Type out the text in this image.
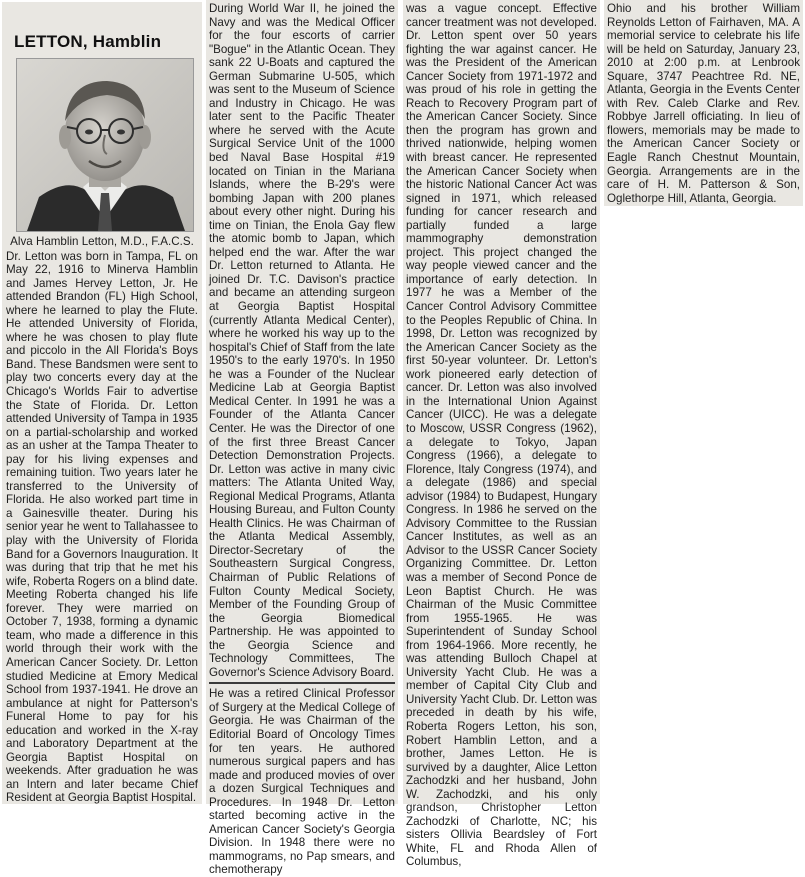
LETTON, Hamblin
Alva Hamblin Letton, M.D., F.A.C.S.

Dr. Letton was born in Tampa, FL on May 22, 1916 to Minerva Hamblin and James Hervey Letton, Jr. He attended Brandon (FL) High School, where he learned to play the Flute. He attended University of Florida, where he was chosen to play flute and piccolo in the All Florida's Boys Band. These Bandsmen were sent to play two concerts every day at the Chicago's Worlds Fair to advertise the State of Florida. Dr. Letton attended University of Tampa in 1935 on a partial-scholarship and worked as an usher at the Tampa Theater to pay for his living expenses and remaining tuition. Two years later he transferred to the University of Florida. He also worked part time in a Gainesville theater. During his senior year he went to Tallahassee to play with the University of Florida Band for a Governors Inauguration. It was during that trip that he met his wife, Roberta Rogers on a blind date. Meeting Roberta changed his life forever. They were married on October 7, 1938, forming a dynamic team, who made a difference in this world through their work with the American Cancer Society. Dr. Letton studied Medicine at Emory Medical School from 1937-1941. He drove an ambulance at night for Patterson's Funeral Home to pay for his education and worked in the X-ray and Laboratory Department at the Georgia Baptist Hospital on weekends. After graduation he was an Intern and later became Chief Resident at Georgia Baptist Hospital.

During World War II, he joined the Navy and was the Medical Officer for the four escorts of carrier "Bogue" in the Atlantic Ocean. They sank 22 U-Boats and captured the German Submarine U-505, which was sent to the Museum of Science and Industry in Chicago. He was later sent to the Pacific Theater where he served with the Acute Surgical Service Unit of the 1000 bed Naval Base Hospital #19 located on Tinian in the Mariana Islands, where the B-29's were bombing Japan with 200 planes about every other night. During his time on Tinian, the Enola Gay flew the atomic bomb to Japan, which helped end the war. After the war Dr. Letton returned to Atlanta. He joined Dr. T.C. Davison's practice and became an attending surgeon at Georgia Baptist Hospital (currently Atlanta Medical Center), where he worked his way up to the hospital's Chief of Staff from the late 1950's to the early 1970's. In 1950 he was a Founder of the Nuclear Medicine Lab at Georgia Baptist Medical Center. In 1991 he was a Founder of the Atlanta Cancer Center. He was the Director of one of the first three Breast Cancer Detection Demonstration Projects. Dr. Letton was active in many civic matters: The Atlanta United Way, Regional Medical Programs, Atlanta Housing Bureau, and Fulton County Health Clinics. He was Chairman of the Atlanta Medical Assembly, Director-Secretary of the Southeastern Surgical Congress, Chairman of Public Relations of Fulton County Medical Society, Member of the Founding Group of the Georgia Biomedical Partnership. He was appointed to the Georgia Science and Technology Committees, The Governor's Science Advisory Board.

He was a retired Clinical Professor of Surgery at the Medical College of Georgia. He was Chairman of the Editorial Board of Oncology Times for ten years. He authored numerous surgical papers and has made and produced movies of over a dozen Surgical Techniques and Procedures. In 1948 Dr. Letton started becoming active in the American Cancer Society's Georgia Division. In 1948 there were no mammograms, no Pap smears, and chemotherapy

was a vague concept. Effective cancer treatment was not developed. Dr. Letton spent over 50 years fighting the war against cancer. He was the President of the American Cancer Society from 1971-1972 and was proud of his role in getting the Reach to Recovery Program part of the American Cancer Society. Since then the program has grown and thrived nationwide, helping women with breast cancer. He represented the American Cancer Society when the historic National Cancer Act was signed in 1971, which released funding for cancer research and partially funded a large mammography demonstration project. This project changed the way people viewed cancer and the importance of early detection. In 1977 he was a Member of the Cancer Control Advisory Committee to the Peoples Republic of China. In 1998, Dr. Letton was recognized by the American Cancer Society as the first 50-year volunteer. Dr. Letton's work pioneered early detection of cancer. Dr. Letton was also involved in the International Union Against Cancer (UICC). He was a delegate to Moscow, USSR Congress (1962), a delegate to Tokyo, Japan Congress (1966), a delegate to Florence, Italy Congress (1974), and a delegate (1986) and special advisor (1984) to Budapest, Hungary Congress. In 1986 he served on the Advisory Committee to the Russian Cancer Institutes, as well as an Advisor to the USSR Cancer Society Organizing Committee. Dr. Letton was a member of Second Ponce de Leon Baptist Church. He was Chairman of the Music Committee from 1955-1965. He was Superintendent of Sunday School from 1964-1966. More recently, he was attending Bulloch Chapel at University Yacht Club. He was a member of Capital City Club and University Yacht Club. Dr. Letton was preceded in death by his wife, Roberta Rogers Letton, his son, Robert Hamblin Letton, and a brother, James Letton. He is survived by a daughter, Alice Letton Zachodzki and her husband, John W. Zachodzki, and his only grandson, Christopher Letton Zachodzki of Charlotte, NC; his sisters Ollivia Beardsley of Fort White, FL and Rhoda Allen of Columbus,

Ohio and his brother William Reynolds Letton of Fairhaven, MA. A memorial service to celebrate his life will be held on Saturday, January 23, 2010 at 2:00 p.m. at Lenbrook Square, 3747 Peachtree Rd. NE, Atlanta, Georgia in the Events Center with Rev. Caleb Clarke and Rev. Robbye Jarrell officiating. In lieu of flowers, memorials may be made to the American Cancer Society or Eagle Ranch Chestnut Mountain, Georgia. Arrangements are in the care of H. M. Patterson & Son, Oglethorpe Hill, Atlanta, Georgia.
